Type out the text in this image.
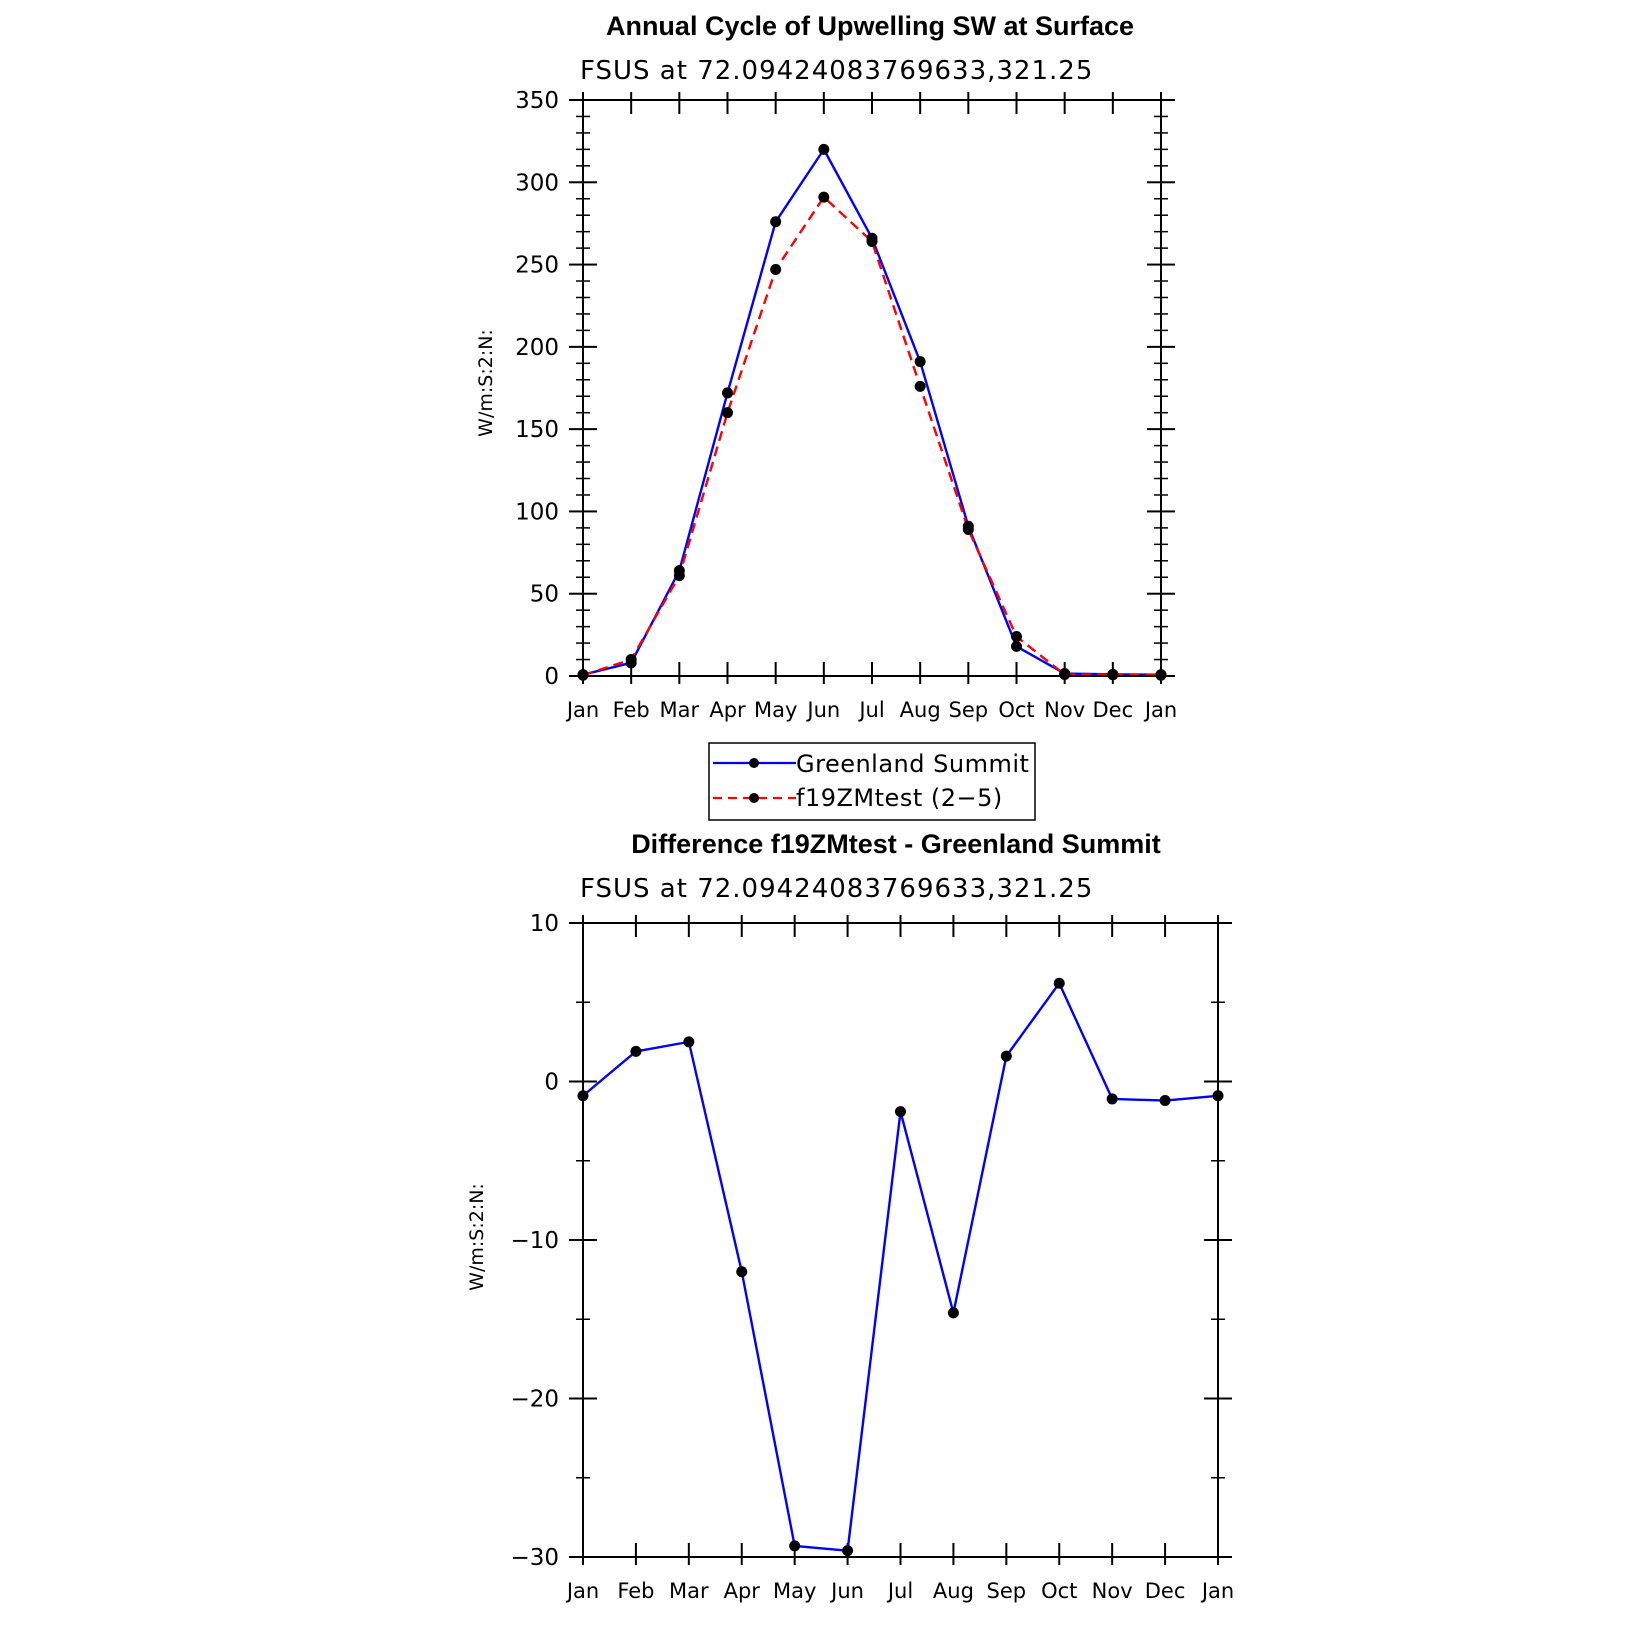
Annual Cycle of Upwelling SW at Surface
FSUS at 72.09424083769633,321.25
W/m:S:2:N:
0
50
100
150
200
250
300
350
Jan Feb Mar Apr May Jun Jul Aug Sep Oct Nov Dec Jan
Greenland Summit
f19ZMtest (2−5)
Difference f19ZMtest - Greenland Summit
FSUS at 72.09424083769633,321.25
W/m:S:2:N:
−30
−20
−10
0
10
Jan Feb Mar Apr May Jun Jul Aug Sep Oct Nov Dec Jan
